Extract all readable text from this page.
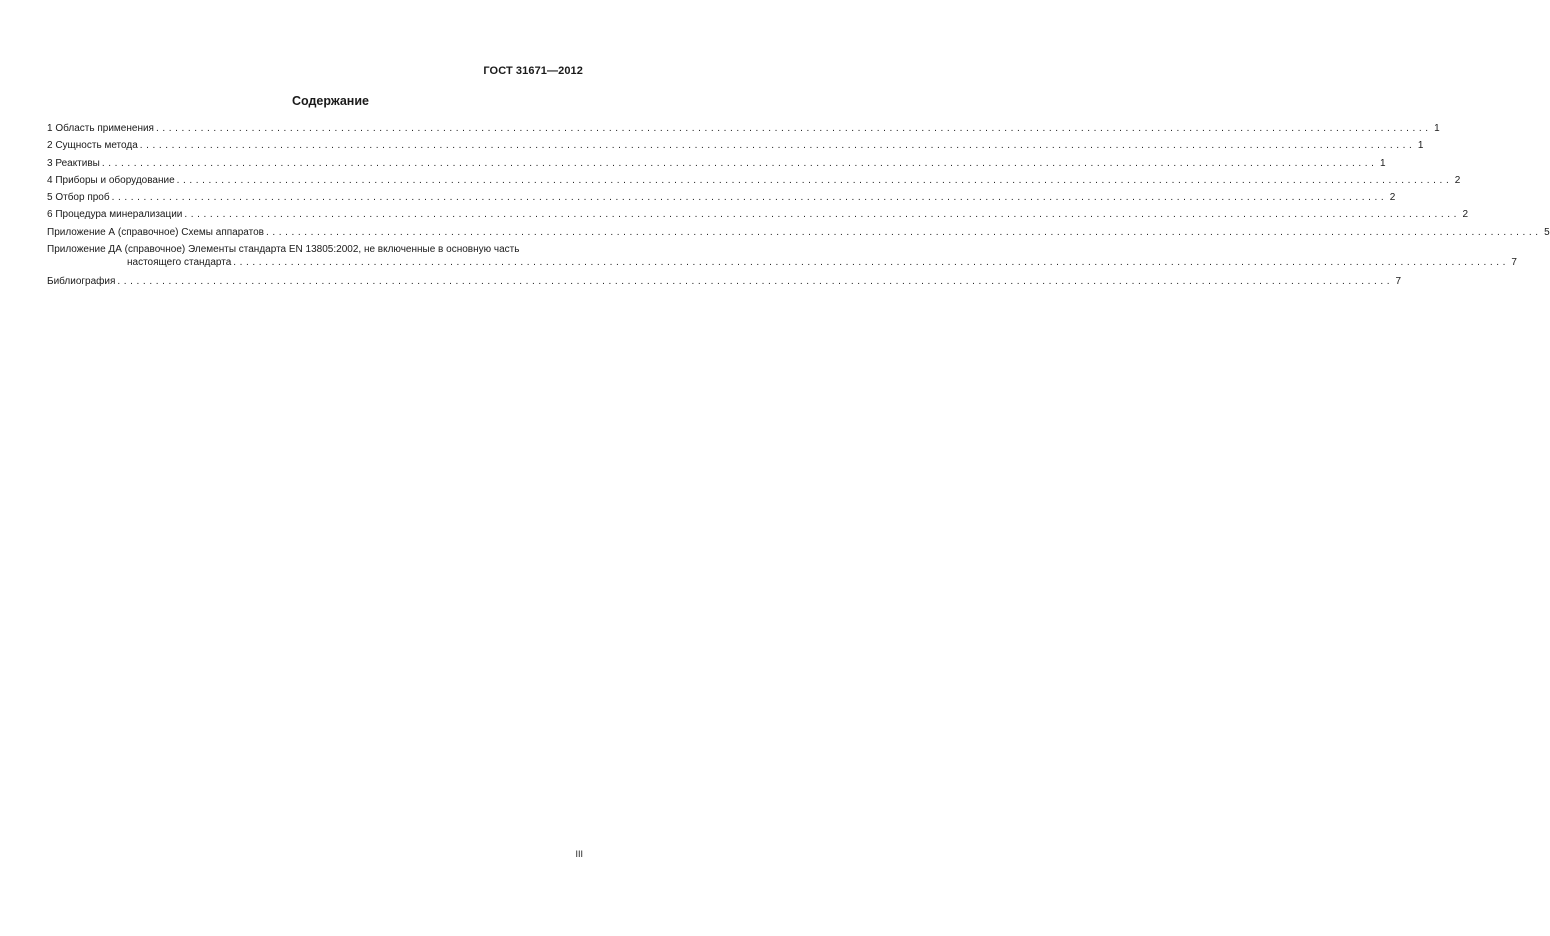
ГОСТ 31671—2012
Содержание
1 Область применения ........................................................................................................................................................................................................ 1
2 Сущность метода ........................................................................................................................................................................................................ 1
3 Реактивы ........................................................................................................................................................................................................ 1
4 Приборы и оборудование ........................................................................................................................................................................................................ 2
5 Отбор проб ........................................................................................................................................................................................................ 2
6 Процедура минерализации ........................................................................................................................................................................................................ 2
Приложение А (справочное) Схемы аппаратов ........................................................................................................................................................................................................ 5
Приложение ДА (справочное) Элементы стандарта EN 13805:2002, не включенные в основную часть
настоящего стандарта ........................................................................................................................................................................................................ 7
Библиография ........................................................................................................................................................................................................ 7
III
